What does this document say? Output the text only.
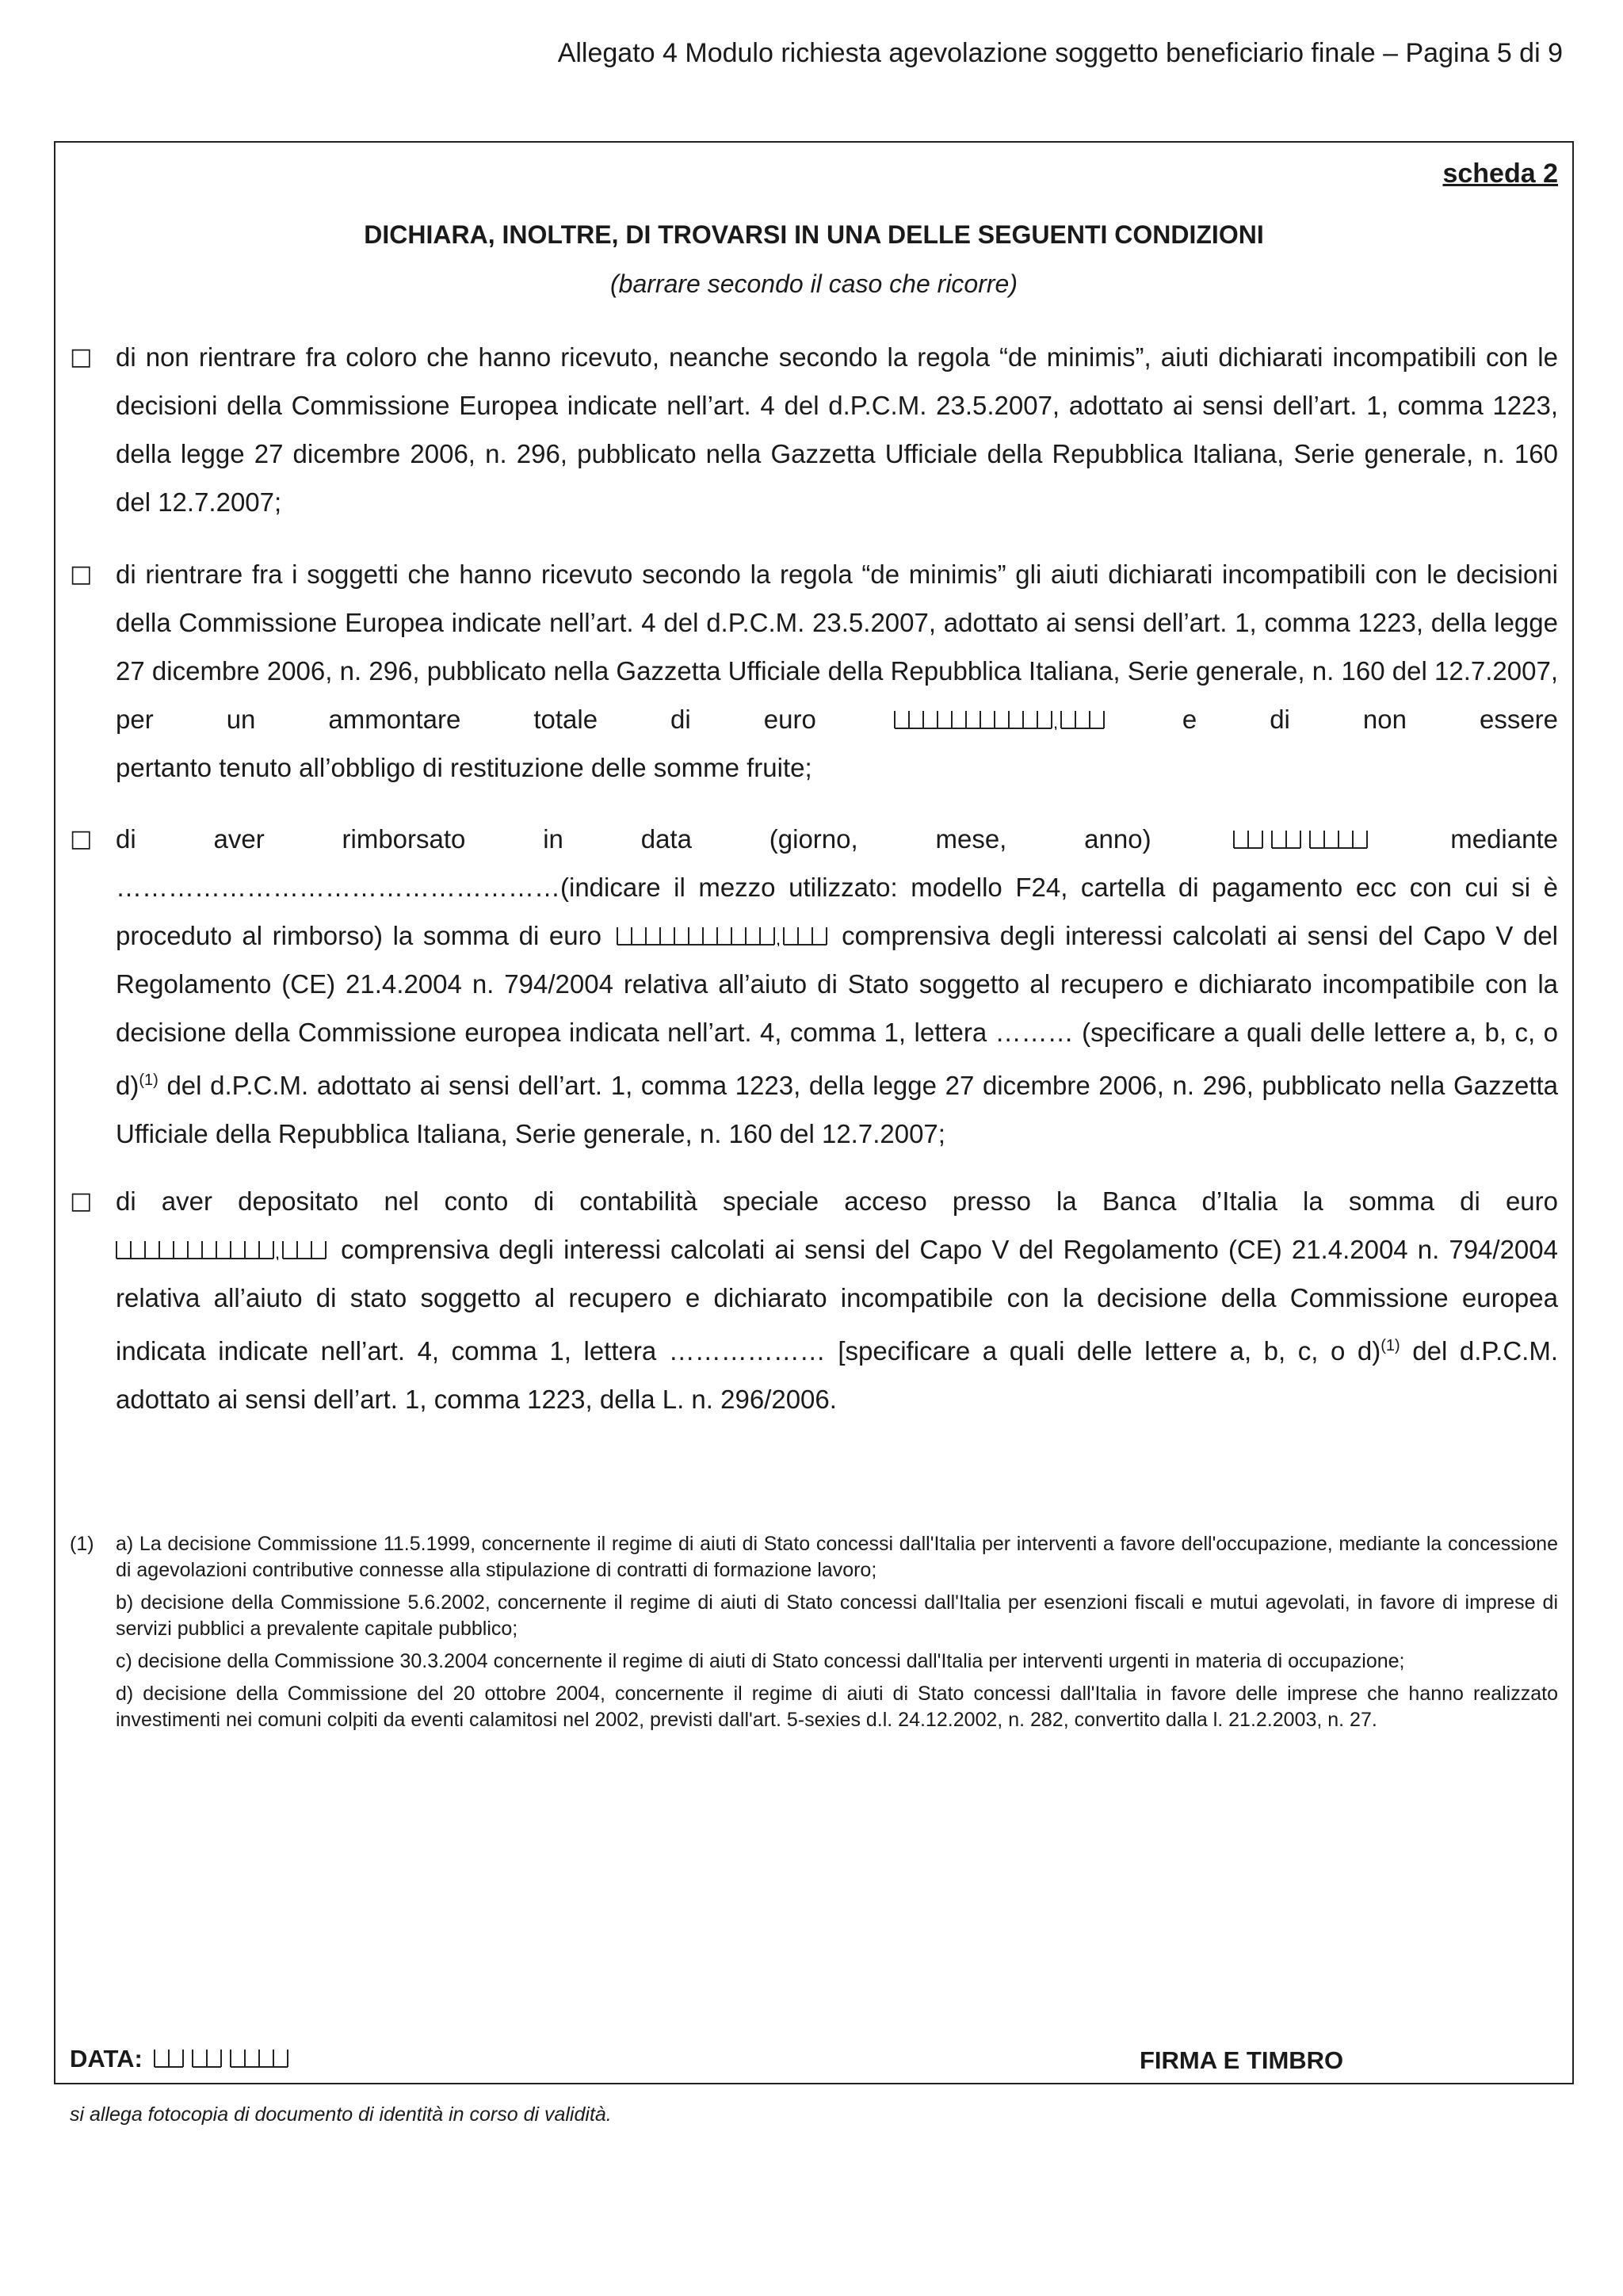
Allegato 4 Modulo richiesta agevolazione soggetto beneficiario finale – Pagina 5 di 9
scheda 2
DICHIARA, INOLTRE, DI TROVARSI IN UNA DELLE SEGUENTI CONDIZIONI
(barrare secondo il caso che ricorre)
□ di non rientrare fra coloro che hanno ricevuto, neanche secondo la regola “de minimis”, aiuti dichiarati incompatibili con le decisioni della Commissione Europea indicate nell’art. 4 del d.P.C.M. 23.5.2007, adottato ai sensi dell’art. 1, comma 1223, della legge 27 dicembre 2006, n. 296, pubblicato nella Gazzetta Ufficiale della Repubblica Italiana, Serie generale, n. 160 del 12.7.2007;

□ di rientrare fra i soggetti che hanno ricevuto secondo la regola “de minimis” gli aiuti dichiarati incompatibili con le decisioni della Commissione Europea indicate nell’art. 4 del d.P.C.M. 23.5.2007, adottato ai sensi dell’art. 1, comma 1223, della legge 27 dicembre 2006, n. 296, pubblicato nella Gazzetta Ufficiale della Repubblica Italiana, Serie generale, n. 160 del 12.7.2007, per un ammontare totale di euro	,	e di non essere

pertanto tenuto all’obbligo di restituzione delle somme fruite;

□ di aver rimborsato in data (giorno, mese, anno)	mediante

……………………………………………(indicare il mezzo utilizzato: modello F24, cartella di pagamento ecc con cui si è proceduto al rimborso) la somma di euro	, comprensiva degli interessi calcolati ai sensi del Capo V del Regolamento (CE) 21.4.2004 n. 794/2004 relativa all’aiuto di Stato soggetto al recupero e dichiarato incompatibile con la decisione della Commissione europea indicata nell’art. 4, comma 1, lettera ……… (specificare a quali delle lettere a, b, c, o d)$^{(1)}$ del d.P.C.M. adottato ai sensi dell’art. 1, comma 1223, della legge 27 dicembre 2006, n. 296, pubblicato nella Gazzetta Ufficiale della Repubblica Italiana, Serie generale, n. 160 del 12.7.2007;

□ di aver depositato nel conto di contabilità speciale acceso presso la Banca d’Italia la somma di euro

, comprensiva degli interessi calcolati ai sensi del Capo V del Regolamento (CE) 21.4.2004 n. 794/2004 relativa all’aiuto di stato soggetto al recupero e dichiarato incompatibile con la decisione della Commissione europea indicata indicate nell’art. 4, comma 1, lettera ……………… [specificare a quali delle lettere a, b, c, o d)$^{(1)}$ del d.P.C.M. adottato ai sensi dell’art. 1, comma 1223, della L. n. 296/2006.

(1) a) La decisione Commissione 11.5.1999, concernente il regime di aiuti di Stato concessi dall'Italia per interventi a favore dell'occupazione, mediante la concessione di agevolazioni contributive connesse alla stipulazione di contratti di formazione lavoro;
b) decisione della Commissione 5.6.2002, concernente il regime di aiuti di Stato concessi dall'Italia per esenzioni fiscali e mutui agevolati, in favore di imprese di servizi pubblici a prevalente capitale pubblico;
c) decisione della Commissione 30.3.2004 concernente il regime di aiuti di Stato concessi dall'Italia per interventi urgenti in materia di occupazione;
d) decisione della Commissione del 20 ottobre 2004, concernente il regime di aiuti di Stato concessi dall'Italia in favore delle imprese che hanno realizzato investimenti nei comuni colpiti da eventi calamitosi nel 2002, previsti dall'art. 5-sexies d.l. 24.12.2002, n. 282, convertito dalla l. 21.2.2003, n. 27.
DATA:	FIRMA E TIMBRO
si allega fotocopia di documento di identità in corso di validità.
